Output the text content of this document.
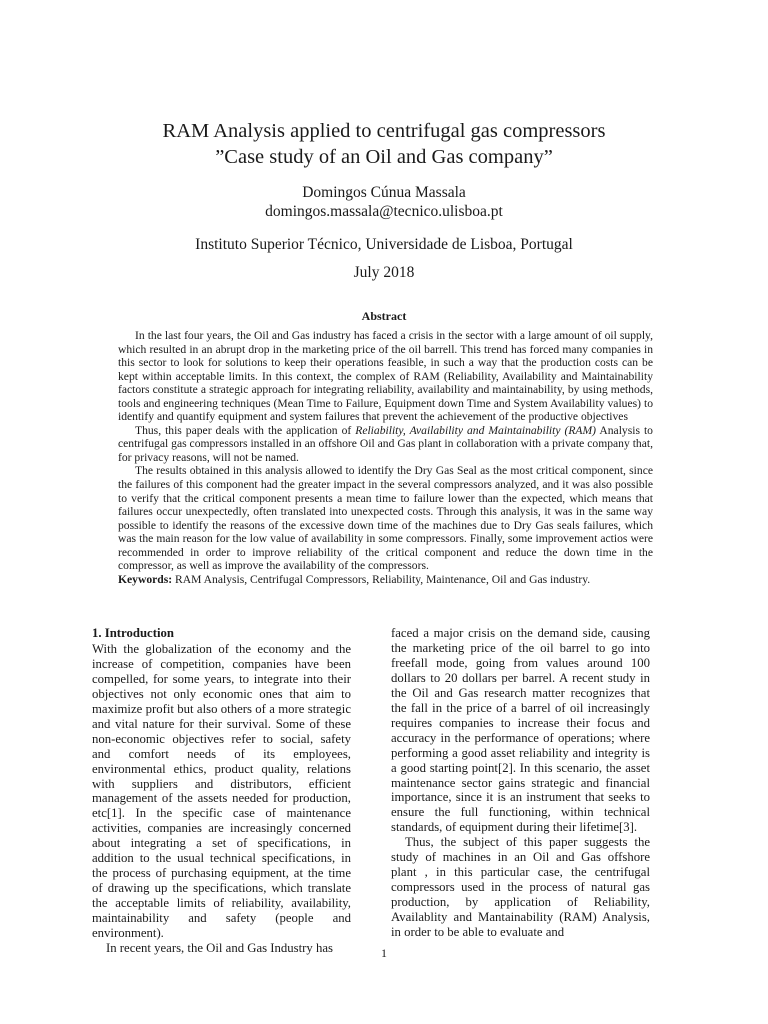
RAM Analysis applied to centrifugal gas compressors
”Case study of an Oil and Gas company”
Domingos Cúnua Massala
domingos.massala@tecnico.ulisboa.pt
Instituto Superior Técnico, Universidade de Lisboa, Portugal
July 2018
Abstract

In the last four years, the Oil and Gas industry has faced a crisis in the sector with a large amount of oil supply, which resulted in an abrupt drop in the marketing price of the oil barrell. This trend has forced many companies in this sector to look for solutions to keep their operations feasible, in such a way that the production costs can be kept within acceptable limits. In this context, the complex of RAM (Reliability, Availability and Maintainability factors constitute a strategic approach for integrating reliability, availability and maintainability, by using methods, tools and engineering techniques (Mean Time to Failure, Equipment down Time and System Availability values) to identify and quantify equipment and system failures that prevent the achievement of the productive objectives

Thus, this paper deals with the application of Reliability, Availability and Maintainability (RAM) Analysis to centrifugal gas compressors installed in an offshore Oil and Gas plant in collaboration with a private company that, for privacy reasons, will not be named.

The results obtained in this analysis allowed to identify the Dry Gas Seal as the most critical component, since the failures of this component had the greater impact in the several compressors analyzed, and it was also possible to verify that the critical component presents a mean time to failure lower than the expected, which means that failures occur unexpectedly, often translated into unexpected costs. Through this analysis, it was in the same way possible to identify the reasons of the excessive down time of the machines due to Dry Gas seals failures, which was the main reason for the low value of availability in some compressors. Finally, some improvement actios were recommended in order to improve reliability of the critical component and reduce the down time in the compressor, as well as improve the availability of the compressors.

Keywords: RAM Analysis, Centrifugal Compressors, Reliability, Maintenance, Oil and Gas industry.

1. Introduction

With the globalization of the economy and the increase of competition, companies have been compelled, for some years, to integrate into their objectives not only economic ones that aim to maximize profit but also others of a more strategic and vital nature for their survival. Some of these non-economic objectives refer to social, safety and comfort needs of its employees, environmental ethics, product quality, relations with suppliers and distributors, efficient management of the assets needed for production, etc[1]. In the specific case of maintenance activities, companies are increasingly concerned about integrating a set of specifications, in addition to the usual technical specifications, in the process of purchasing equipment, at the time of drawing up the specifications, which translate the acceptable limits of reliability, availability, maintainability and safety (people and environment).

In recent years, the Oil and Gas Industry has

faced a major crisis on the demand side, causing the marketing price of the oil barrel to go into freefall mode, going from values around 100 dollars to 20 dollars per barrel. A recent study in the Oil and Gas research matter recognizes that the fall in the price of a barrel of oil increasingly requires companies to increase their focus and accuracy in the performance of operations; where performing a good asset reliability and integrity is a good starting point[2]. In this scenario, the asset maintenance sector gains strategic and financial importance, since it is an instrument that seeks to ensure the full functioning, within technical standards, of equipment during their lifetime[3].

Thus, the subject of this paper suggests the study of machines in an Oil and Gas offshore plant , in this particular case, the centrifugal compressors used in the process of natural gas production, by application of Reliability, Availablity and Mantainability (RAM) Analysis, in order to be able to evaluate and

1
